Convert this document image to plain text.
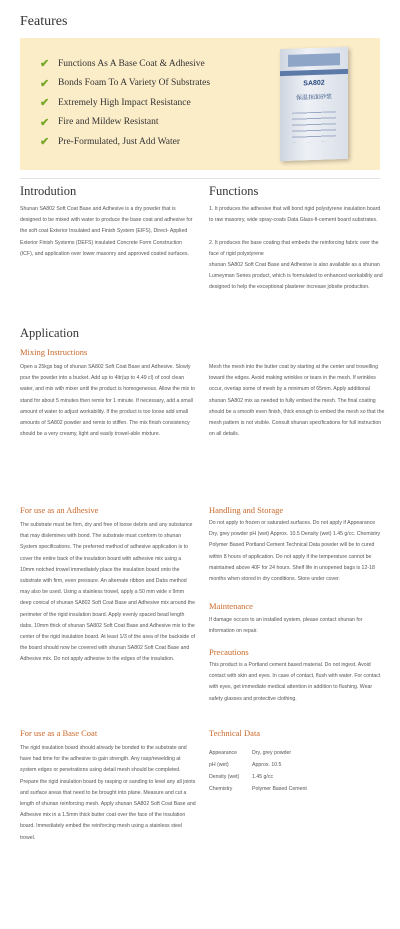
Features
✔ Functions As A Base Coat & Adhesive
✔ Bonds Foam To A Variety Of Substrates
✔ Extremely High Impact Resistance
✔ Fire and Mildew Resistant
✔ Pre-Formulated, Just Add Water
SA802
保温抹面砂浆
Introdution
Shunan SA802 Soft Coat Base and Adhesive is a dry powder that is designed to be mixed with water to produce the base coat and adhesive for the soft coat Exterior Insulated and Finish System (EIFS), Direct- Applied Exterior Finish Systems (DEFS) insulated Concrete Form Construction (ICF), and application over lower masonry and approved coated surfaces.
Functions
1. It produces the adhesive that will bond rigid polystyrene insulation board to raw masonry, wide spray-coats Data Glass-fi-cement board substrates.
2. It produces the base coating that embeds the reinforcing fabric over the face of rigid polystyrene
shunan SA802 Soft Coat Base and Adhesive is also available as a shunan Lumeyman Series product, which is formulated to enhanced workability and designed to help the exceptional plasterer increase jobsite production.
Application
Mixing Instructions
Open a 25kgs bag of shunan SA802 Soft Coat Base and Adhesive. Slowly pour the powder into a bucket. Add up to 4ltr(up to 4.49 cl) of cool clean water, and mix with mixer until the product is homogeneous. Allow the mix to stand for about 5 minutes then remix for 1 minute. If necessary, add a small amount of water to adjust workability. If the product is too loose add small amounts of SA802 powder and remix to stiffen. The mix finish consistency should be a very creamy, light and easily trowel-able mixture.
Mesh the mesh into the butter coat by starting at the center and trowelling toward the edges. Avoid making wrinkles or tears in the mesh. If wrinkles occur, overlap some of mesh by a minimum of 65mm. Apply additional shunan SA802 mix as needed to fully embed the mesh. The final coating should be a smooth even finish, thick enough to embed the mesh so that the mesh pattern is not visible. Consult shunan specifications for full instruction on all details.
For use as an Adhesive
The substrate must be firm, dry and free of loose debris and any substance that may dislemines with bond. The substrate must conform to shunan System specifications. The preferred method of adhesive application is to cover the entire back of the insulation board with adhesive mix using a 10mm notched trowel immediately place the insulation board onto the substrate with firm, even pressure. An alternate ribbon and Dabs method may also be used. Using a stainless trowel, apply a 50 mm wide x 9mm deep conical of shunan SA802 Soft Coat Base and Adhesive mix around the perimeter of the rigid insulation board. Apply evenly spaced bead length dabs, 10mm thick of shunan SA802 Soft Coat Base and Adhesive mix to the center of the rigid insulation board. At least 1/3 of the area of the backside of the board should now be covered with shunan SA802 Soft Coat Base and Adhesive mix. Do not apply adhesive to the edges of the insulation.
Handling and Storage
Do not apply to frozen or saturated surfaces. Do not apply if Appearance Dry, grey powder pH (wet) Approx. 10.5 Density (wet) 1.45 g/cc. Chemistry Polymer Based Portland Cement Technical Data powder will be to cured within 8 hours of application. Do not apply if the temperature cannot be maintained above 40F for 24 hours. Shelf life in unopened bags is 12-18 months when stored in dry conditions. Store under cover.
Maintenance
If damage occurs to an installed system, please contact shunan for information on repair.
Precautions
This product is a Portland cement based material. Do not ingest. Avoid contact with skin and eyes. In case of contact, flush with water. For contact with eyes, get immediate medical attention in addition to flushing. Wear safety glasses and protective clothing.
For use as a Base Coat
The rigid insulation board should already be bonded to the substrate and have had time for the adhesive to gain strength. Any rasp/rewelding at system edges or penetrations using detail mesh should be completed. Prepare the rigid insulation board by rasping or sanding to level any all joints and surface areas that need to be brought into plane. Measure and cut a length of shunan reinforcing mesh. Apply shunan SA802 Soft Coat Base and Adhesive mix in a 1.5mm thick butter coat over the face of the insulation board. Immediately embed the reinforcing mesh using a stainless steel trowel.
Technical Data
Appearance	Dry, grey powder
pH (wet)	Approx. 10.5
Density (wet)	1.45 g/cc
Chemistry	Polymer Based Cement
